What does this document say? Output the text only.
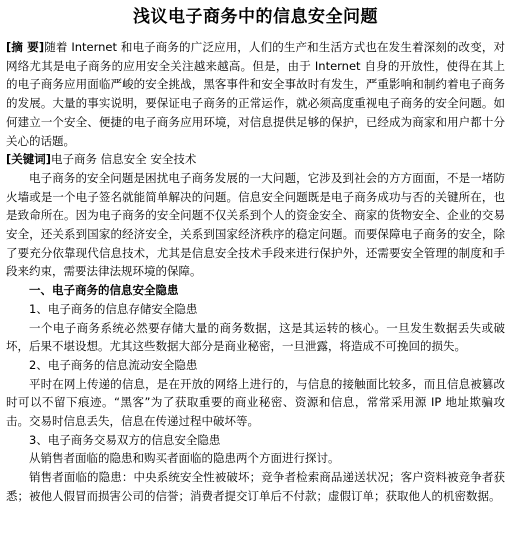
浅议电子商务中的信息安全问题

[摘 要]随着 Internet 和电子商务的广泛应用，人们的生产和生活方式也在发生着深刻的改变，对网络尤其是电子商务的应用安全关注越来越高。但是，由于 Internet 自身的开放性，使得在其上的电子商务应用面临严峻的安全挑战，黑客事件和安全事故时有发生，严重影响和制约着电子商务的发展。大量的事实说明，要保证电子商务的正常运作，就必须高度重视电子商务的安全问题。如何建立一个安全、便捷的电子商务应用环境，对信息提供足够的保护，已经成为商家和用户都十分关心的话题。

[关键词]电子商务 信息安全 安全技术

电子商务的安全问题是困扰电子商务发展的一大问题，它涉及到社会的方方面面，不是一堵防火墙或是一个电子签名就能简单解决的问题。信息安全问题既是电子商务成功与否的关键所在，也是致命所在。因为电子商务的安全问题不仅关系到个人的资金安全、商家的货物安全、企业的交易安全，还关系到国家的经济安全，关系到国家经济秩序的稳定问题。而要保障电子商务的安全，除了要充分依靠现代信息技术，尤其是信息安全技术手段来进行保护外，还需要安全管理的制度和手段来约束，需要法律法规环境的保障。

一、电子商务的信息安全隐患

1、电子商务的信息存储安全隐患

一个电子商务系统必然要存储大量的商务数据，这是其运转的核心。一旦发生数据丢失或破坏，后果不堪设想。尤其这些数据大部分是商业秘密，一旦泄露，将造成不可挽回的损失。

2、电子商务的信息流动安全隐患

平时在网上传递的信息，是在开放的网络上进行的，与信息的接触面比较多，而且信息被篡改时可以不留下痕迹。“黑客”为了获取重要的商业秘密、资源和信息，常常采用源 IP 地址欺骗攻击。交易时信息丢失，信息在传递过程中破坏等。

3、电子商务交易双方的信息安全隐患

从销售者面临的隐患和购买者面临的隐患两个方面进行探讨。

销售者面临的隐患：中央系统安全性被破坏；竞争者检索商品递送状况；客户资料被竞争者获悉；被他人假冒而损害公司的信誉；消费者提交订单后不付款；虚假订单；获取他人的机密数据。
